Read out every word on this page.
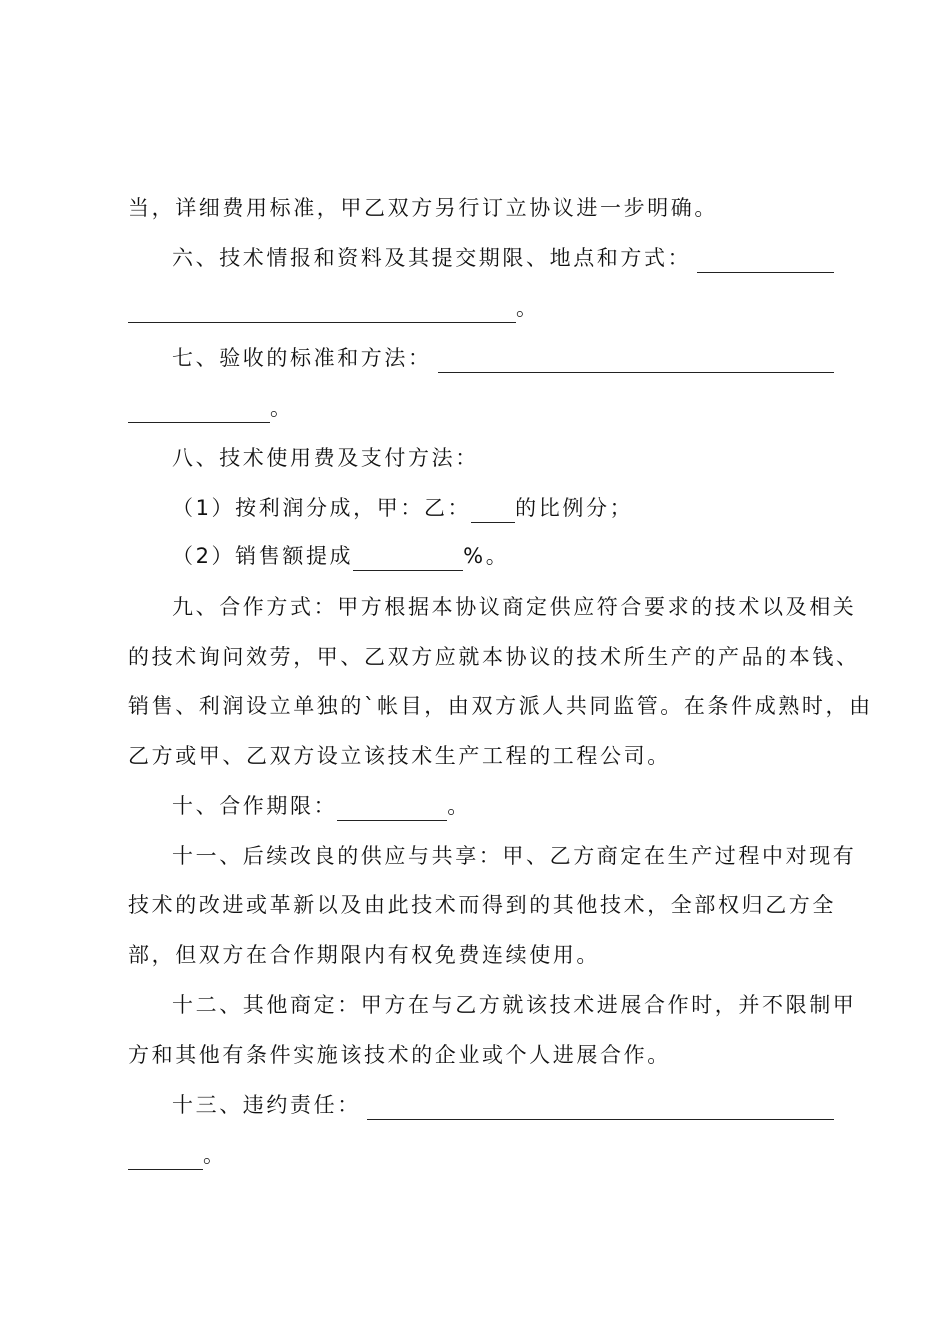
当，详细费用标准，甲乙双方另行订立协议进一步明确。
六、技术情报和资料及其提交期限、地点和方式：
。
七、验收的标准和方法：
。
八、技术使用费及支付方法：
（1）按利润分成，甲：乙： 的比例分；
（2）销售额提成	%。
九、合作方式：甲方根据本协议商定供应符合要求的技术以及相关
的技术询问效劳，甲、乙双方应就本协议的技术所生产的产品的本钱、
销售、利润设立单独的`帐目，由双方派人共同监管。在条件成熟时，由
乙方或甲、乙双方设立该技术生产工程的工程公司。
十、合作期限：	。
十一、后续改良的供应与共享：甲、乙方商定在生产过程中对现有
技术的改进或革新以及由此技术而得到的其他技术，全部权归乙方全
部，但双方在合作期限内有权免费连续使用。
十二、其他商定：甲方在与乙方就该技术进展合作时，并不限制甲
方和其他有条件实施该技术的企业或个人进展合作。
十三、违约责任：
。
